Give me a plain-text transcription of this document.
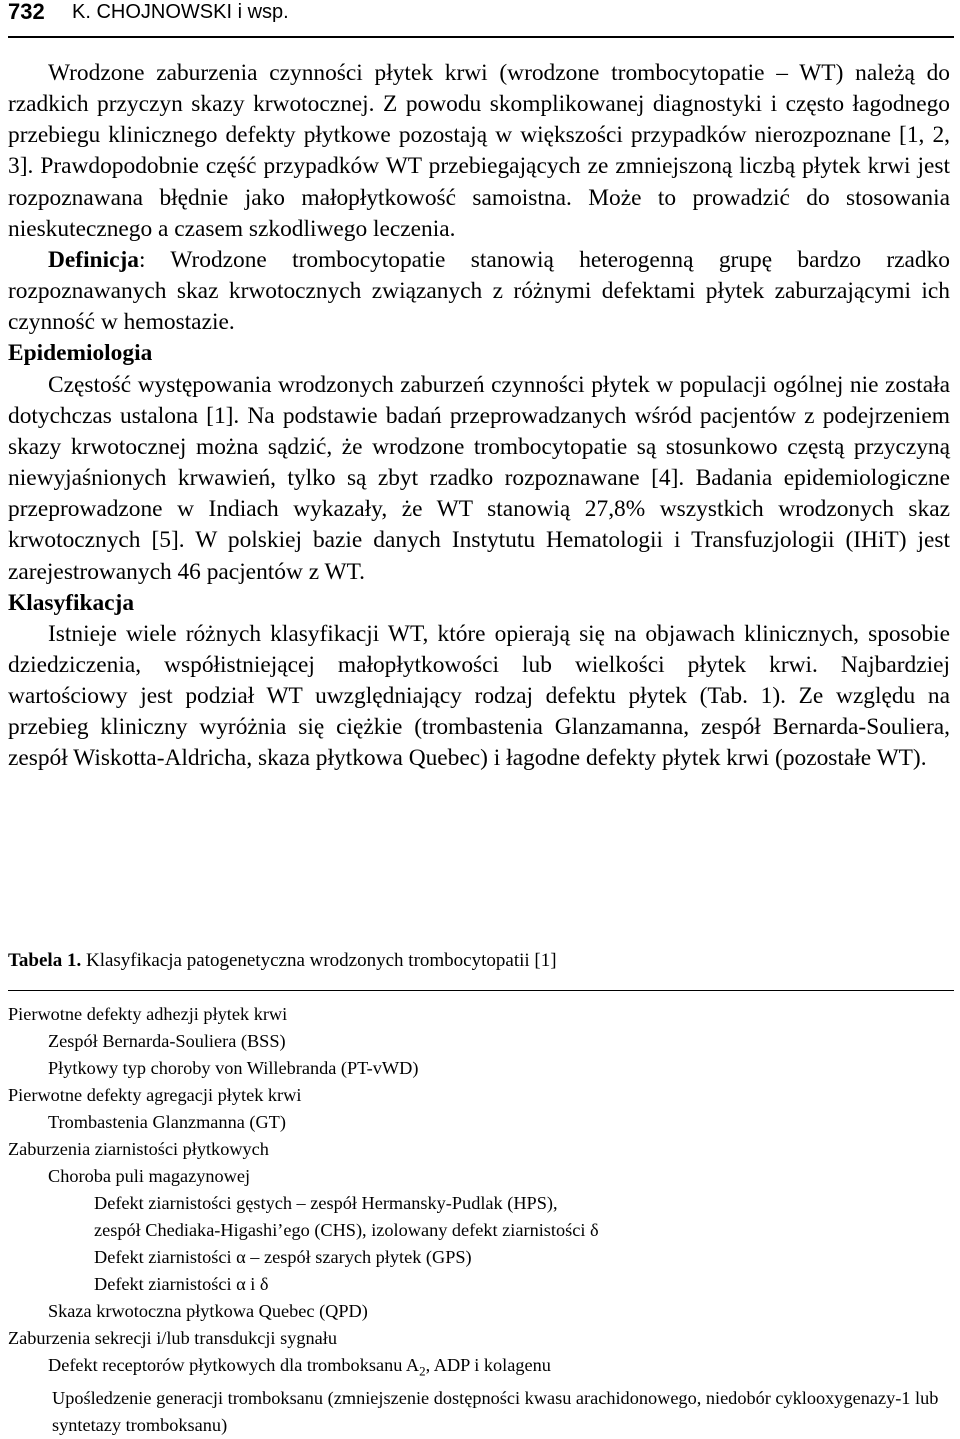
732 K. CHOJNOWSKI i wsp.

Wrodzone zaburzenia czynności płytek krwi (wrodzone trombocytopatie – WT) należą do rzadkich przyczyn skazy krwotocznej. Z powodu skomplikowanej diagnostyki i często łagodnego przebiegu klinicznego defekty płytkowe pozostają w większości przypadków nierozpoznane [1, 2, 3]. Prawdopodobnie część przypadków WT przebiegających ze zmniejszoną liczbą płytek krwi jest rozpoznawana błędnie jako małopłytkowość samoistna. Może to prowadzić do stosowania nieskutecznego a czasem szkodliwego leczenia.

Definicja: Wrodzone trombocytopatie stanowią heterogenną grupę bardzo rzadko rozpoznawanych skaz krwotocznych związanych z różnymi defektami płytek zaburzającymi ich czynność w hemostazie.

Epidemiologia

Częstość występowania wrodzonych zaburzeń czynności płytek w populacji ogólnej nie została dotychczas ustalona [1]. Na podstawie badań przeprowadzanych wśród pacjentów z podejrzeniem skazy krwotocznej można sądzić, że wrodzone trombocytopatie są stosunkowo częstą przyczyną niewyjaśnionych krwawień, tylko są zbyt rzadko rozpoznawane [4]. Badania epidemiologiczne przeprowadzone w Indiach wykazały, że WT stanowią 27,8% wszystkich wrodzonych skaz krwotocznych [5]. W polskiej bazie danych Instytutu Hematologii i Transfuzjologii (IHiT) jest zarejestrowanych 46 pacjentów z WT.

Klasyfikacja

Istnieje wiele różnych klasyfikacji WT, które opierają się na objawach klinicznych, sposobie dziedziczenia, współistniejącej małopłytkowości lub wielkości płytek krwi. Najbardziej wartościowy jest podział WT uwzględniający rodzaj defektu płytek (Tab. 1). Ze względu na przebieg kliniczny wyróżnia się ciężkie (trombastenia Glanzamanna, zespół Bernarda-Souliera, zespół Wiskotta-Aldricha, skaza płytkowa Quebec) i łagodne defekty płytek krwi (pozostałe WT).

Tabela 1. Klasyfikacja patogenetyczna wrodzonych trombocytopatii [1]
Pierwotne defekty adhezji płytek krwi
Zespół Bernarda-Souliera (BSS)
Płytkowy typ choroby von Willebranda (PT-vWD)
Pierwotne defekty agregacji płytek krwi
Trombastenia Glanzmanna (GT)
Zaburzenia ziarnistości płytkowych
Choroba puli magazynowej
Defekt ziarnistości gęstych – zespół Hermansky-Pudlak (HPS),
zespół Chediaka-Higashi’ego (CHS), izolowany defekt ziarnistości δ
Defekt ziarnistości α – zespół szarych płytek (GPS)
Defekt ziarnistości α i δ
Skaza krwotoczna płytkowa Quebec (QPD)
Zaburzenia sekrecji i/lub transdukcji sygnału
Defekt receptorów płytkowych dla tromboksanu $A_2$, ADP i kolagenu
Upośledzenie generacji tromboksanu (zmniejszenie dostępności kwasu arachidonowego, niedobór cyklooxygenazy-1 lub syntetazy tromboksanu)
